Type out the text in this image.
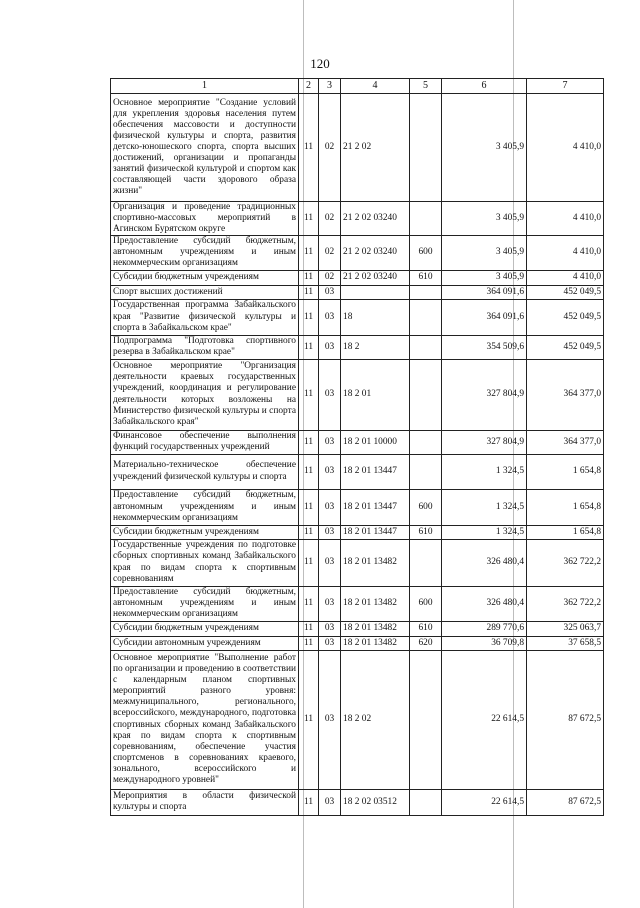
120
1	2	3	4	5	6	7
Основное мероприятие "Создание условий для укрепления здоровья населения путем обеспечения массовости и доступности физической культуры и спорта, развития детско-юношеского спорта, спорта высших достижений, организации и пропаганды занятий физической культурой и спортом как составляющей части здорового образа жизни"	11	02	21 2 02		3 405,9	4 410,0
Организация и проведение традиционных спортивно-массовых мероприятий в Агинском Бурятском округе	11	02	21 2 02 03240		3 405,9	4 410,0
Предоставление субсидий бюджетным, автономным учреждениям и иным некоммерческим организациям	11	02	21 2 02 03240	600	3 405,9	4 410,0
Субсидии бюджетным учреждениям	11	02	21 2 02 03240	610	3 405,9	4 410,0
Спорт высших достижений	11	03			364 091,6	452 049,5
Государственная программа Забайкальского края "Развитие физической культуры и спорта в Забайкальском крае"	11	03	18		364 091,6	452 049,5
Подпрограмма "Подготовка спортивного резерва в Забайкальском крае"	11	03	18 2		354 509,6	452 049,5
Основное мероприятие "Организация деятельности краевых государственных учреждений, координация и регулирование деятельности которых возложены на Министерство физической культуры и спорта Забайкальского края"	11	03	18 2 01		327 804,9	364 377,0
Финансовое обеспечение выполнения функций государственных учреждений	11	03	18 2 01 10000		327 804,9	364 377,0
Материально-техническое обеспечение учреждений физической культуры и спорта	11	03	18 2 01 13447		1 324,5	1 654,8
Предоставление субсидий бюджетным, автономным учреждениям и иным некоммерческим организациям	11	03	18 2 01 13447	600	1 324,5	1 654,8
Субсидии бюджетным учреждениям	11	03	18 2 01 13447	610	1 324,5	1 654,8
Государственные учреждения по подготовке сборных спортивных команд Забайкальского края по видам спорта к спортивным соревнованиям	11	03	18 2 01 13482		326 480,4	362 722,2
Предоставление субсидий бюджетным, автономным учреждениям и иным некоммерческим организациям	11	03	18 2 01 13482	600	326 480,4	362 722,2
Субсидии бюджетным учреждениям	11	03	18 2 01 13482	610	289 770,6	325 063,7
Субсидии автономным учреждениям	11	03	18 2 01 13482	620	36 709,8	37 658,5
Основное мероприятие "Выполнение работ по организации и проведению в соответствии с календарным планом спортивных мероприятий разного уровня: межмуниципального, регионального, всероссийского, международного, подготовка спортивных сборных команд Забайкальского края по видам спорта к спортивным соревнованиям, обеспечение участия спортсменов в соревнованиях краевого, зонального, всероссийского и международного уровней"	11	03	18 2 02		22 614,5	87 672,5
Мероприятия в области физической культуры и спорта	11	03	18 2 02 03512		22 614,5	87 672,5
